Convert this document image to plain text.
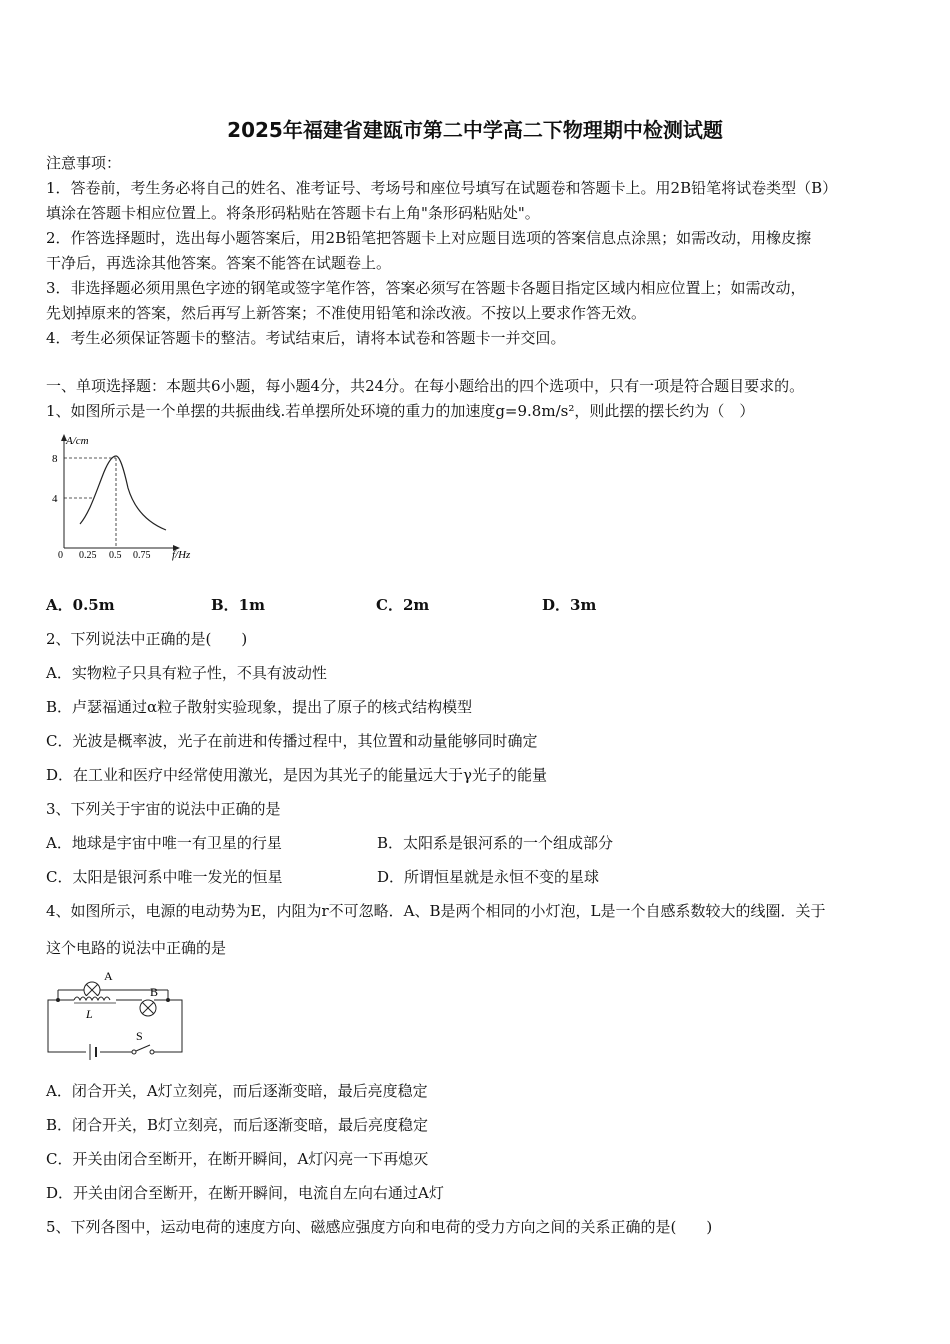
2025年福建省建瓯市第二中学高二下物理期中检测试题
注意事项：
1．答卷前，考生务必将自己的姓名、准考证号、考场号和座位号填写在试题卷和答题卡上。用2B铅笔将试卷类型（B）
填涂在答题卡相应位置上。将条形码粘贴在答题卡右上角"条形码粘贴处"。
2．作答选择题时，选出每小题答案后，用2B铅笔把答题卡上对应题目选项的答案信息点涂黑；如需改动，用橡皮擦
干净后，再选涂其他答案。答案不能答在试题卷上。
3．非选择题必须用黑色字迹的钢笔或签字笔作答，答案必须写在答题卡各题目指定区域内相应位置上；如需改动，
先划掉原来的答案，然后再写上新答案；不准使用铅笔和涂改液。不按以上要求作答无效。
4．考生必须保证答题卡的整洁。考试结束后，请将本试卷和答题卡一并交回。
一、单项选择题：本题共6小题，每小题4分，共24分。在每小题给出的四个选项中，只有一项是符合题目要求的。
1、如图所示是一个单摆的共振曲线.若单摆所处环境的重力的加速度g=9.8m/s²，则此摆的摆长约为（　）
A/cm
8
4
0 0.25 0.5 0.75 f/Hz
A．0.5m	B．1m	C．2m	D．3m
2、下列说法中正确的是(　　)
A．实物粒子只具有粒子性，不具有波动性
B．卢瑟福通过α粒子散射实验现象，提出了原子的核式结构模型
C．光波是概率波，光子在前进和传播过程中，其位置和动量能够同时确定
D．在工业和医疗中经常使用激光，是因为其光子的能量远大于γ光子的能量
3、下列关于宇宙的说法中正确的是
A．地球是宇宙中唯一有卫星的行星	B．太阳系是银河系的一个组成部分
C．太阳是银河系中唯一发光的恒星	D．所谓恒星就是永恒不变的星球
4、如图所示，电源的电动势为E，内阻为r不可忽略．A、B是两个相同的小灯泡，L是一个自感系数较大的线圈．关于
这个电路的说法中正确的是
A
L
B
S
A．闭合开关，A灯立刻亮，而后逐渐变暗，最后亮度稳定
B．闭合开关，B灯立刻亮，而后逐渐变暗，最后亮度稳定
C．开关由闭合至断开，在断开瞬间，A灯闪亮一下再熄灭
D．开关由闭合至断开，在断开瞬间，电流自左向右通过A灯
5、下列各图中，运动电荷的速度方向、磁感应强度方向和电荷的受力方向之间的关系正确的是(　　)
